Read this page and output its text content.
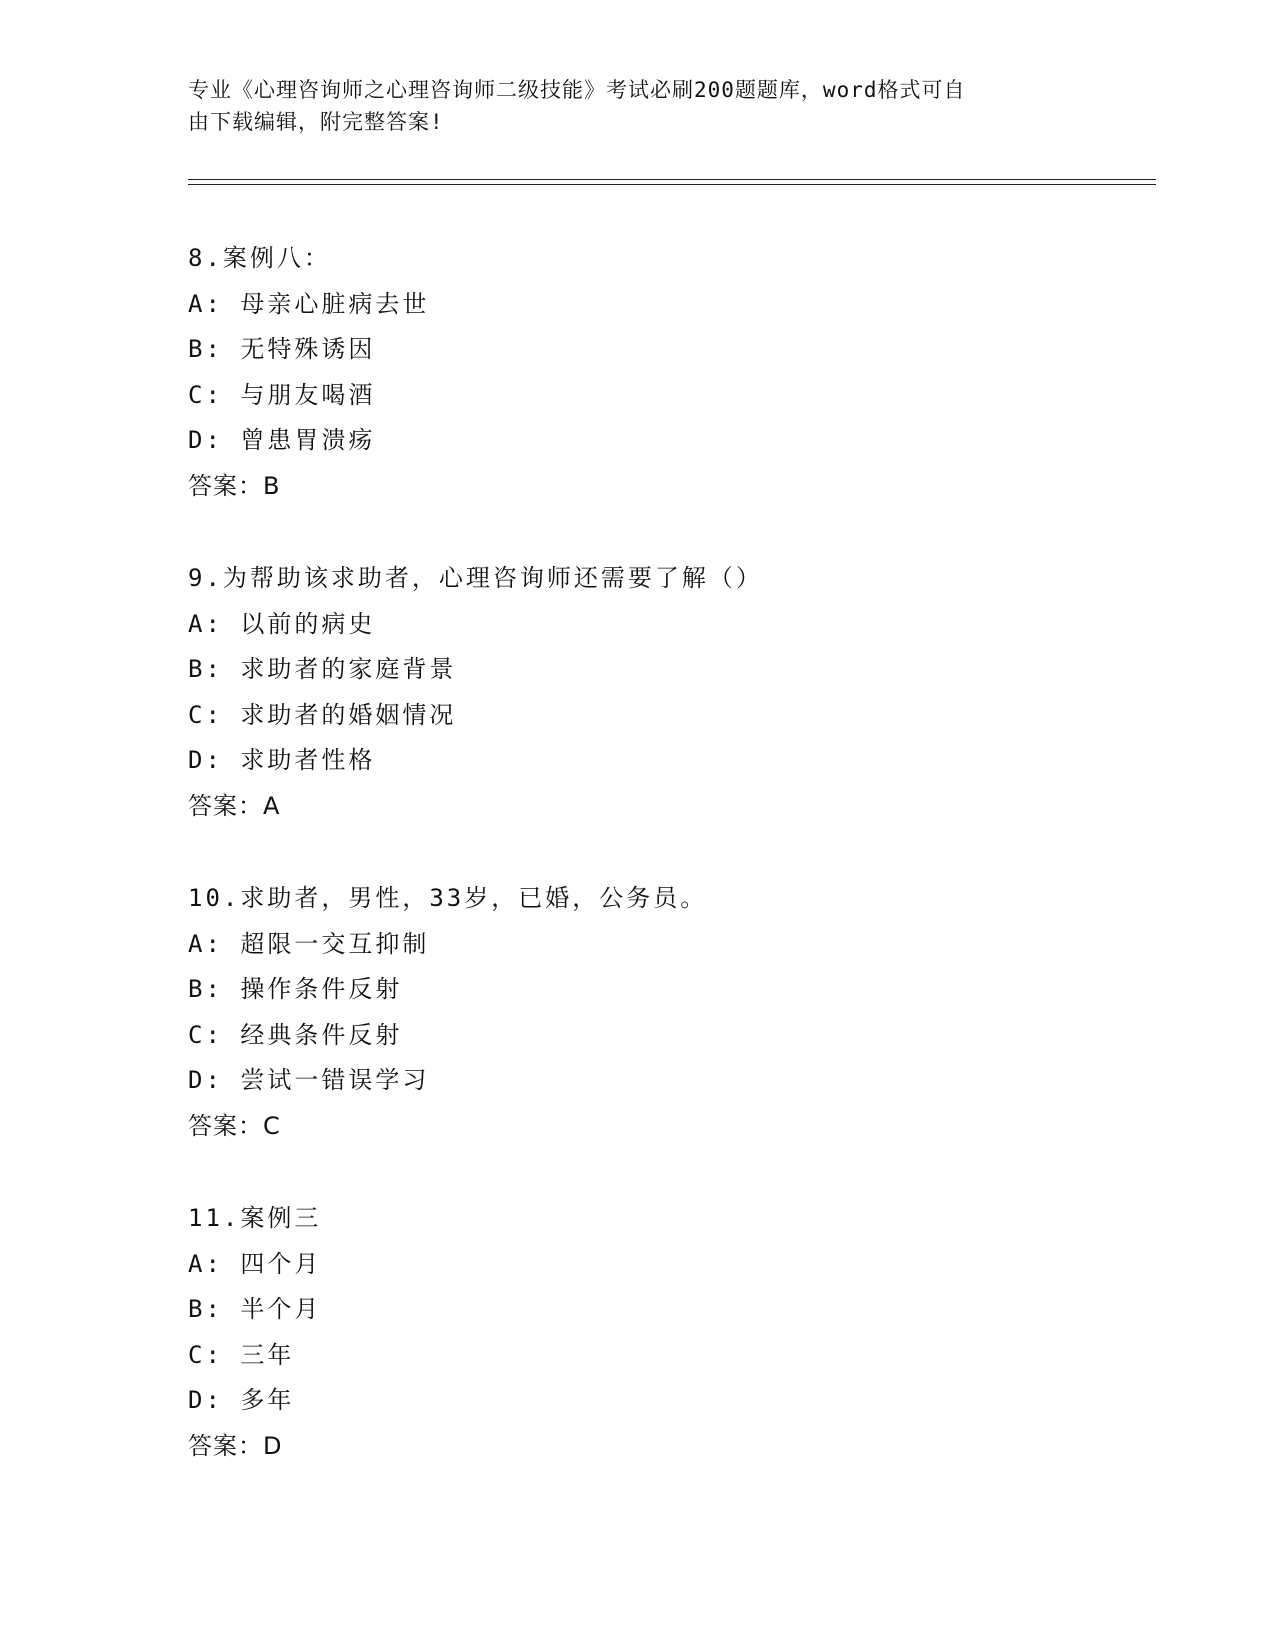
专业《心理咨询师之心理咨询师二级技能》考试必刷200题题库，word格式可自
由下载编辑，附完整答案!
8.案例八：
A: 母亲心脏病去世
B: 无特殊诱因
C: 与朋友喝酒
D: 曾患胃溃疡
答案：B
9.为帮助该求助者，心理咨询师还需要了解（）
A: 以前的病史
B: 求助者的家庭背景
C: 求助者的婚姻情况
D: 求助者性格
答案：A
10.求助者，男性，33岁，已婚，公务员。
A: 超限一交互抑制
B: 操作条件反射
C: 经典条件反射
D: 尝试一错误学习
答案：C
11.案例三
A: 四个月
B: 半个月
C: 三年
D: 多年
答案：D
